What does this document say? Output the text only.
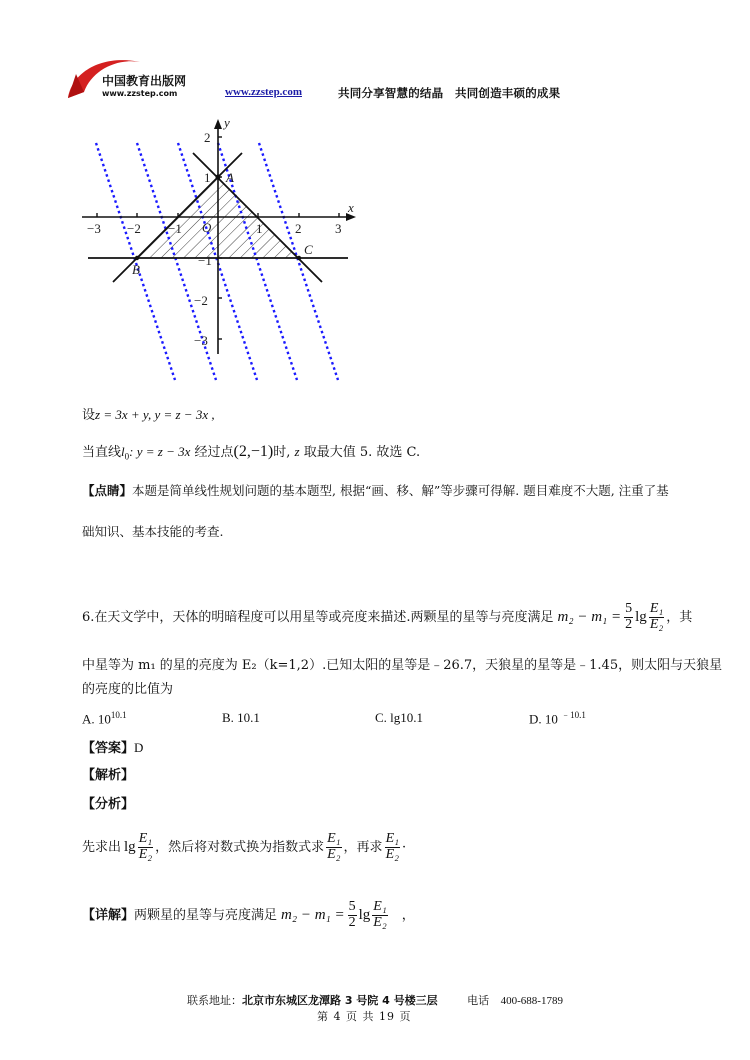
中国教育出版网
www.zzstep.com	www.zzstep.com	共同分享智慧的结晶　共同创造丰硕的成果
y
x
O
−3 −2 −1	1	2	3
2
1
−1
−2
−3
A
B
C
设z = 3x + y, y = z − 3x ,
当直线$l_0$: y = z − 3x 经过点(2,−1)时, z 取最大值 5. 故选 C.
【点睛】本题是简单线性规划问题的基本题型, 根据“画、移、解”等步骤可得解. 题目难度不大题, 注重了基
础知识、基本技能的考查.
6.在天文学中，天体的明暗程度可以用星等或亮度来描述.两颗星的星等与亮度满足 $m_2 - m_1 = \frac{5}{2}$ $\lg \frac{\text{E₁}}{\text{E₂}}$ ，其
中星等为 m₁ 的星的亮度为 E₂（k=1,2）.已知太阳的星等是﹣26.7，天狼星的星等是﹣1.45，则太阳与天狼星
的亮度的比值为
A. $10^{10.1}$	B. 10.1	C. lg10.1	D. 10 $^{﹣10.1}$
【答案】D
【解析】
【分析】
先求出 $\lg \frac{\text{E₁}}{\text{E₂}}$ ，然后将对数式换为指数式求 $\frac{\text{E₁}}{\text{E₂}}$ ，再求 $\frac{\text{E₁}}{\text{E₂}}$ ·
【详解】 两颗星的星等与亮度满足 $m_2 - m_1 = \frac{5}{2}$ $\lg \frac{\text{E₁}}{\text{E₂}}$ ，
联系地址：北京市东城区龙潭路 3 号院 4 号楼三层	电话 400-688-1789
第 4 页 共 19 页
